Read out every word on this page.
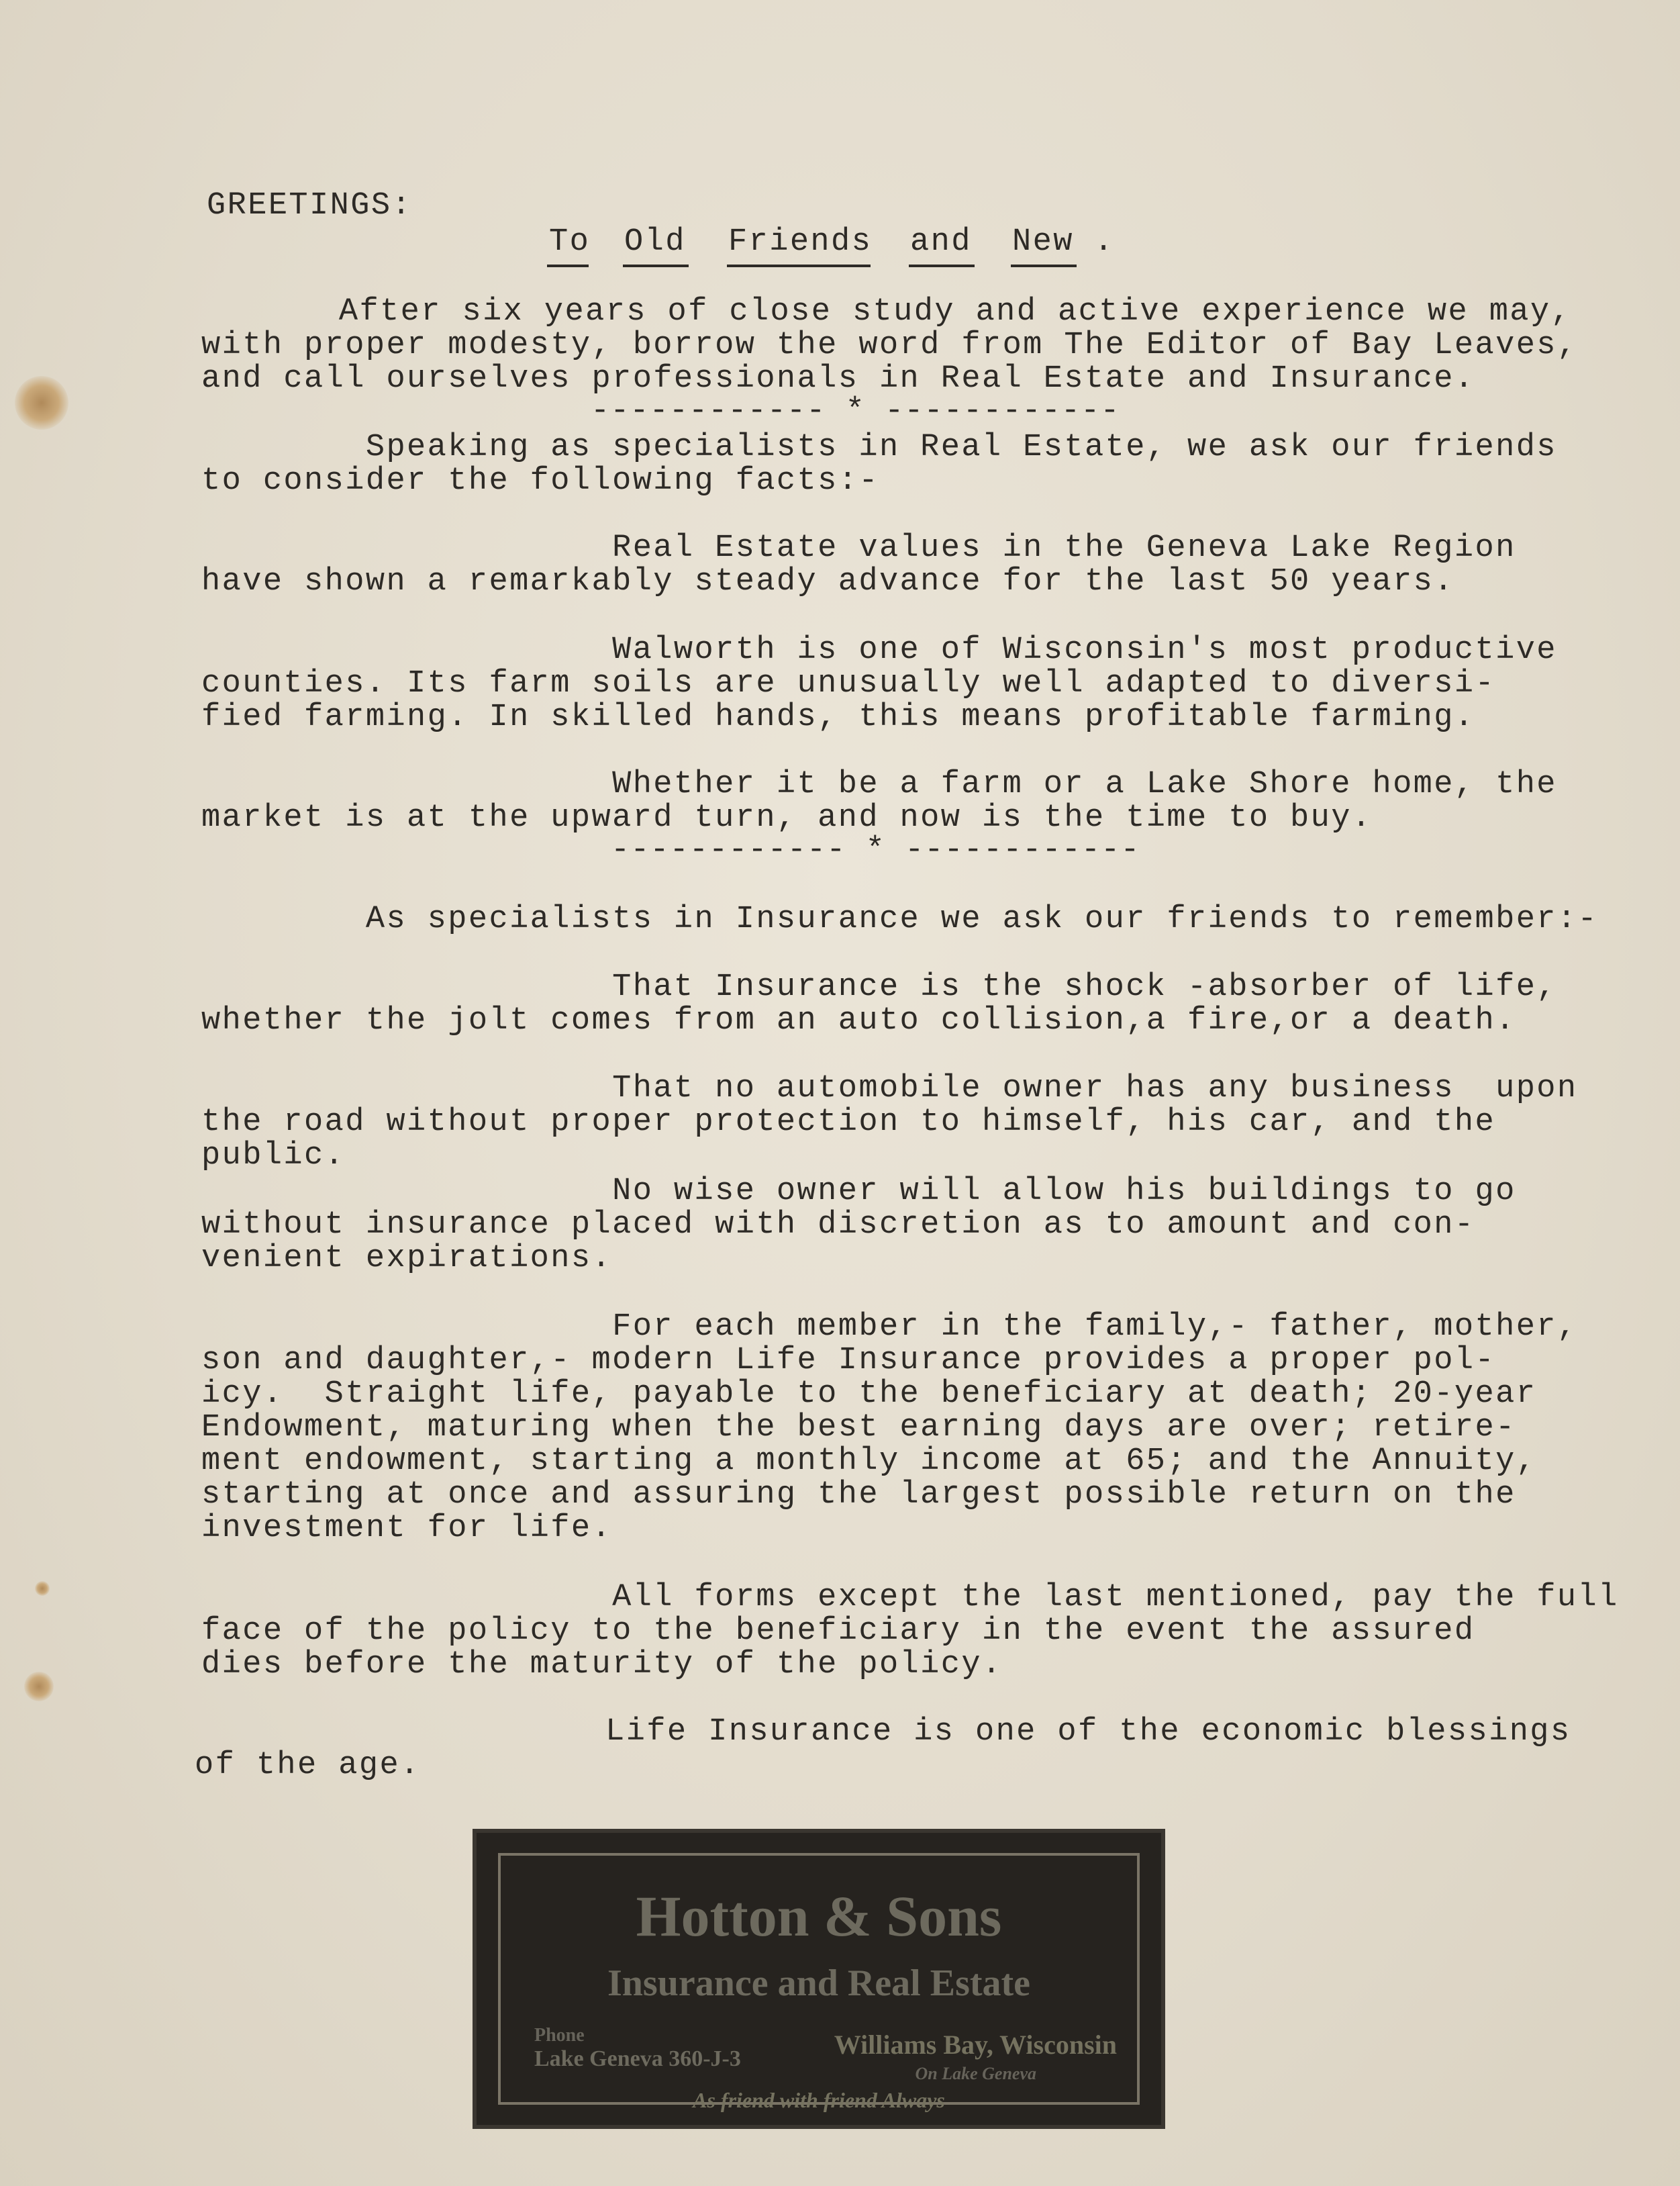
GREETINGS:
To Old Friends and New .
After six years of close study and active experience we may,
with proper modesty, borrow the word from The Editor of Bay Leaves,
and call ourselves professionals in Real Estate and Insurance.
------------ * ------------
Speaking as specialists in Real Estate, we ask our friends
to consider the following facts:-
Real Estate values in the Geneva Lake Region
have shown a remarkably steady advance for the last 50 years.
Walworth is one of Wisconsin's most productive
counties. Its farm soils are unusually well adapted to diversi-
fied farming. In skilled hands, this means profitable farming.
Whether it be a farm or a Lake Shore home, the
market is at the upward turn, and now is the time to buy.
------------ * ------------
As specialists in Insurance we ask our friends to remember:-
That Insurance is the shock -absorber of life,
whether the jolt comes from an auto collision,a fire,or a death.
That no automobile owner has any business  upon
the road without proper protection to himself, his car, and the
public.
No wise owner will allow his buildings to go
without insurance placed with discretion as to amount and con-
venient expirations.
For each member in the family,- father, mother,
son and daughter,- modern Life Insurance provides a proper pol-
icy.  Straight life, payable to the beneficiary at death; 20-year
Endowment, maturing when the best earning days are over; retire-
ment endowment, starting a monthly income at 65; and the Annuity,
starting at once and assuring the largest possible return on the
investment for life.
All forms except the last mentioned, pay the full
face of the policy to the beneficiary in the event the assured
dies before the maturity of the policy.
Life Insurance is one of the economic blessings
of the age.
Hotton & Sons
Insurance and Real Estate
Phone
Lake Geneva 360-J-3	Williams Bay, Wisconsin
On Lake Geneva
As friend with friend Always
